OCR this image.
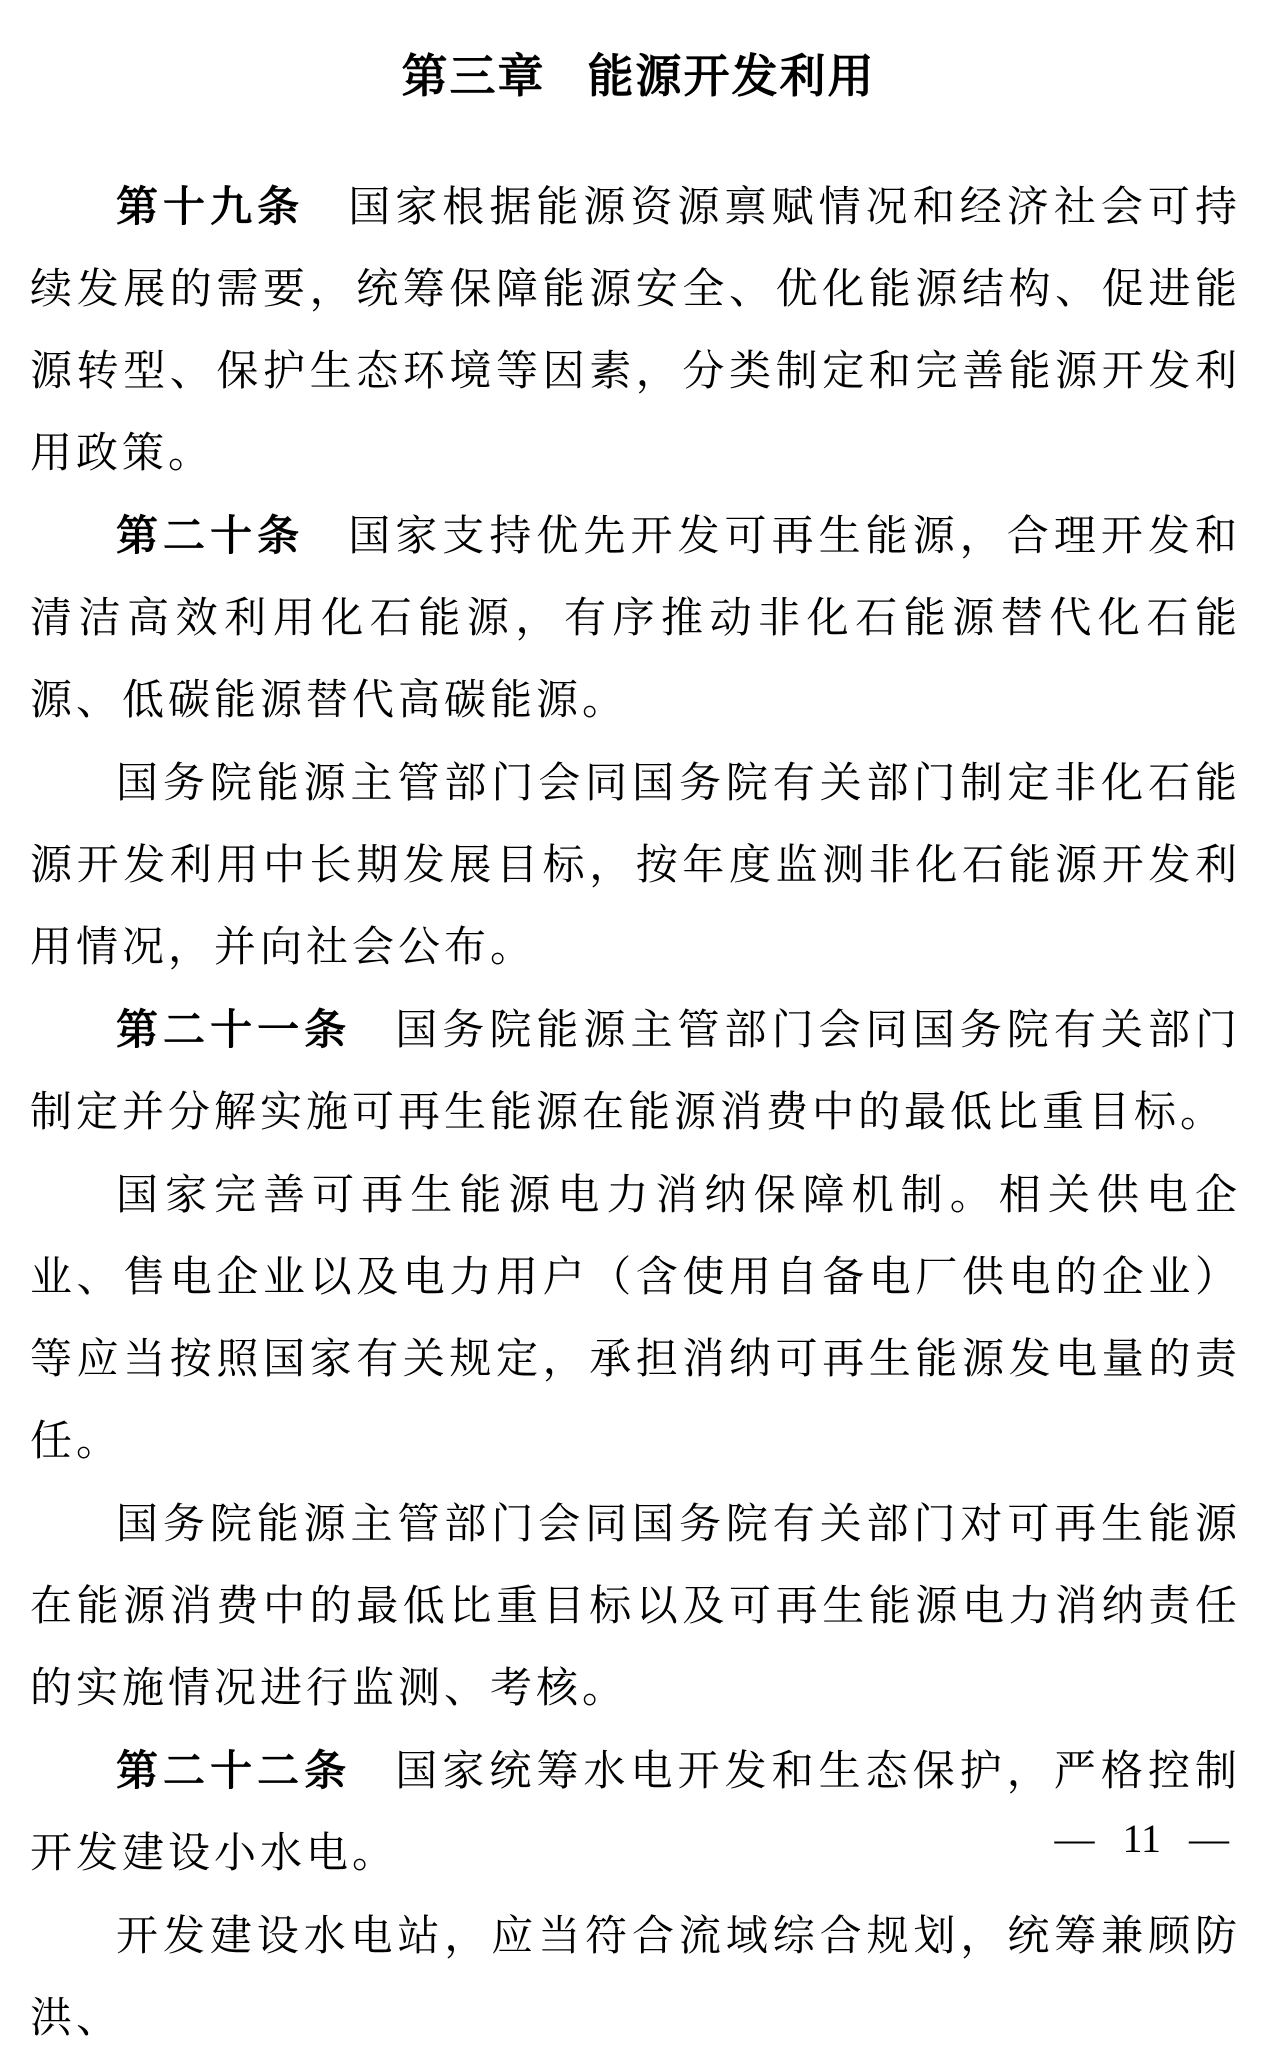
第三章 能源开发利用

第十九条 国家根据能源资源禀赋情况和经济社会可持续发展的需要，统筹保障能源安全、优化能源结构、促进能源转型、保护生态环境等因素，分类制定和完善能源开发利用政策。

第二十条 国家支持优先开发可再生能源，合理开发和清洁高效利用化石能源，有序推动非化石能源替代化石能源、低碳能源替代高碳能源。

国务院能源主管部门会同国务院有关部门制定非化石能源开发利用中长期发展目标，按年度监测非化石能源开发利用情况，并向社会公布。

第二十一条 国务院能源主管部门会同国务院有关部门制定并分解实施可再生能源在能源消费中的最低比重目标。

国家完善可再生能源电力消纳保障机制。相关供电企业、售电企业以及电力用户（含使用自备电厂供电的企业）等应当按照国家有关规定，承担消纳可再生能源发电量的责任。

国务院能源主管部门会同国务院有关部门对可再生能源在能源消费中的最低比重目标以及可再生能源电力消纳责任的实施情况进行监测、考核。

第二十二条 国家统筹水电开发和生态保护，严格控制开发建设小水电。

开发建设水电站，应当符合流域综合规划，统筹兼顾防洪、

— 11 —
